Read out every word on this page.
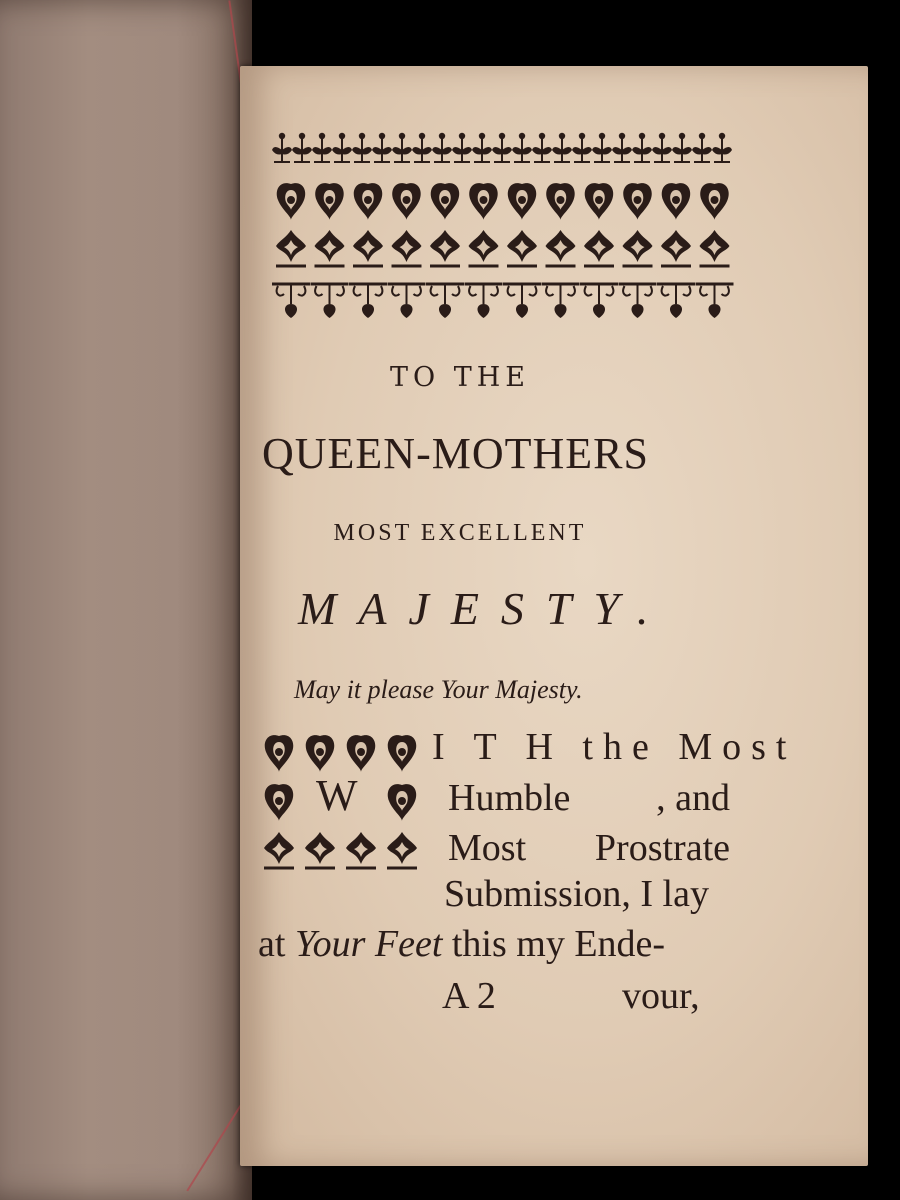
TO THE
QUEEN-MOTHERS
MOST EXCELLENT
MAJESTY.
May it please Your Majesty.
W
I T H the Most
Humble , and
Most Prostrate
Submission, I lay
at Your Feet this my Ende-
A 2	vour,
